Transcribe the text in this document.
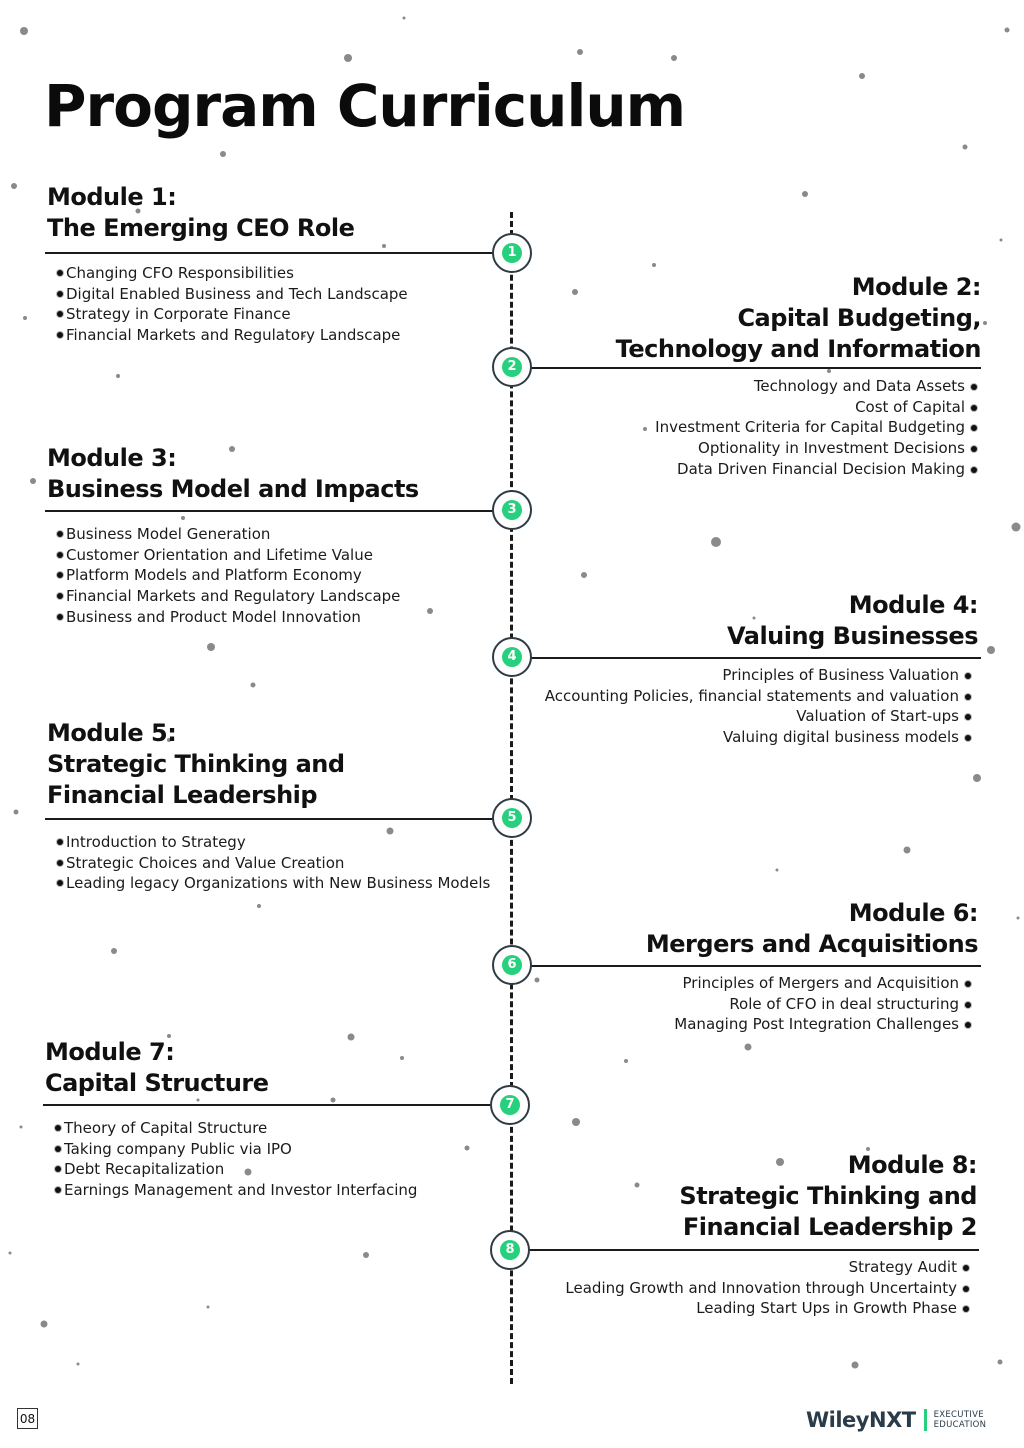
Program Curriculum
Module 1:
The Emerging CEO Role
1
Changing CFO Responsibilities
Digital Enabled Business and Tech Landscape
Strategy in Corporate Finance
Financial Markets and Regulatory Landscape
Module 2:
Capital Budgeting,
Technology and Information
2
Technology and Data Assets
Cost of Capital
Investment Criteria for Capital Budgeting
Optionality in Investment Decisions
Data Driven Financial Decision Making
Module 3:
Business Model and Impacts
3
Business Model Generation
Customer Orientation and Lifetime Value
Platform Models and Platform Economy
Financial Markets and Regulatory Landscape
Business and Product Model Innovation	Module 4:
Valuing Businesses
4
Principles of Business Valuation
Accounting Policies, financial statements and valuation
Valuation of Start-ups
Valuing digital business models
Module 5:
Strategic Thinking and
Financial Leadership
5
Introduction to Strategy
Strategic Choices and Value Creation
Leading legacy Organizations with New Business Models
Module 6:
Mergers and Acquisitions
6
Principles of Mergers and Acquisition
Role of CFO in deal structuring
Managing Post Integration Challenges
Module 7:
Capital Structure
7
Theory of Capital Structure
Taking company Public via IPO
Debt Recapitalization
Earnings Management and Investor Interfacing
Module 8:
Strategic Thinking and
Financial Leadership 2
8
Strategy Audit
Leading Growth and Innovation through Uncertainty
Leading Start Ups in Growth Phase
08	WileyNXT EXECUTIVE
EDUCATION
